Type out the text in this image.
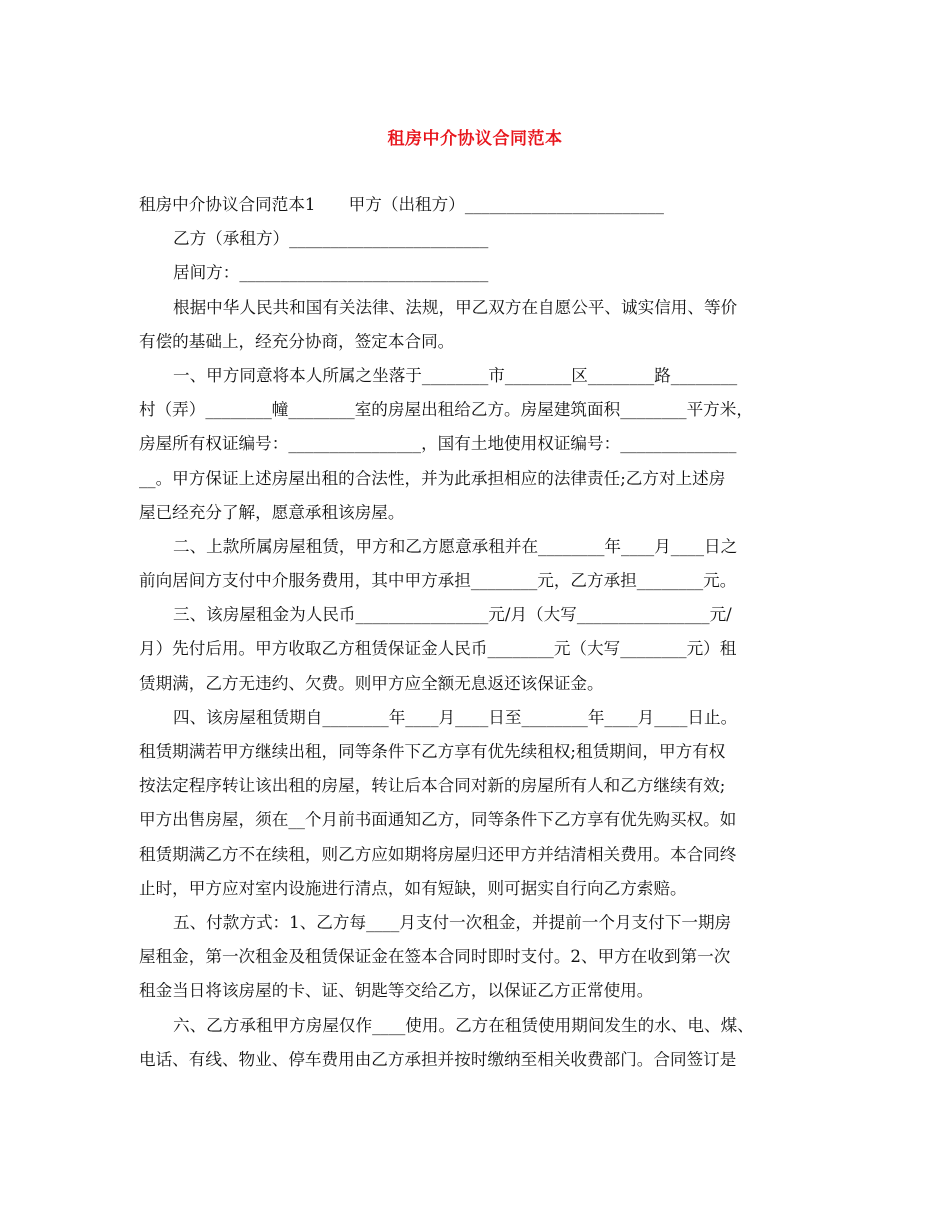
租房中介协议合同范本
租房中介协议合同范本1　　甲方（出租方）________________________
乙方（承租方）________________________
居间方：______________________________
根据中华人民共和国有关法律、法规，甲乙双方在自愿公平、诚实信用、等价
有偿的基础上，经充分协商，签定本合同。
一、甲方同意将本人所属之坐落于________市________区________路________
村（弄）________幢________室的房屋出租给乙方。房屋建筑面积________平方米，
房屋所有权证编号：________________，国有土地使用权证编号：______________
__。甲方保证上述房屋出租的合法性，并为此承担相应的法律责任;乙方对上述房
屋已经充分了解，愿意承租该房屋。
二、上款所属房屋租赁，甲方和乙方愿意承租并在________年____月____日之
前向居间方支付中介服务费用，其中甲方承担________元，乙方承担________元。
三、该房屋租金为人民币________________元/月（大写________________元/
月）先付后用。甲方收取乙方租赁保证金人民币________元（大写________元）租
赁期满，乙方无违约、欠费。则甲方应全额无息返还该保证金。
四、该房屋租赁期自________年____月____日至________年____月____日止。
租赁期满若甲方继续出租，同等条件下乙方享有优先续租权;租赁期间，甲方有权
按法定程序转让该出租的房屋，转让后本合同对新的房屋所有人和乙方继续有效;
甲方出售房屋，须在__个月前书面通知乙方，同等条件下乙方享有优先购买权。如
租赁期满乙方不在续租，则乙方应如期将房屋归还甲方并结清相关费用。本合同终
止时，甲方应对室内设施进行清点，如有短缺，则可据实自行向乙方索赔。
五、付款方式：1、乙方每____月支付一次租金，并提前一个月支付下一期房
屋租金，第一次租金及租赁保证金在签本合同时即时支付。2、甲方在收到第一次
租金当日将该房屋的卡、证、钥匙等交给乙方，以保证乙方正常使用。
六、乙方承租甲方房屋仅作____使用。乙方在租赁使用期间发生的水、电、煤、
电话、有线、物业、停车费用由乙方承担并按时缴纳至相关收费部门。合同签订是
